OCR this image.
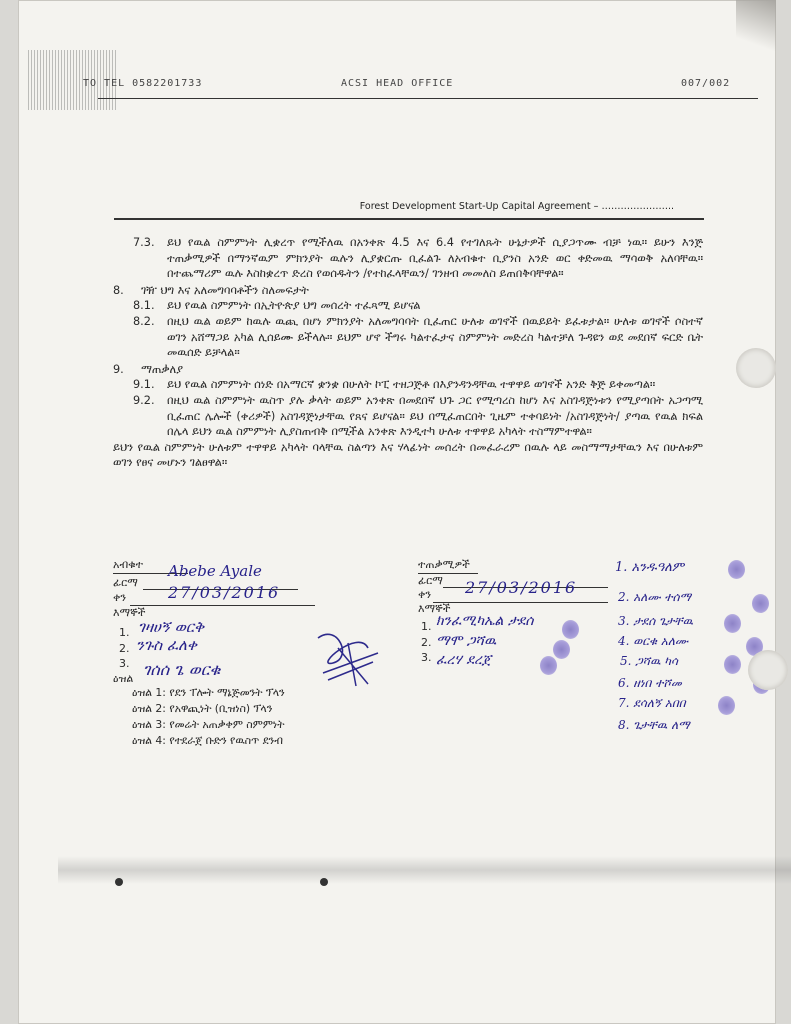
TO TEL 0582201733	ACSI HEAD OFFICE	007/002
Forest Development Start-Up Capital Agreement – …………………..
7.3.	ይህ የዉል ስምምነት ሊቋረጥ የሚችለዉ በአንቀጽ 4.5 እና 6.4 የተገለጹት ሁኔታዎች ሲያጋጥሙ ብቻ ነዉ። ይሁን እንጅ ተጠቃሚዎች በማንኛዉም ምክንያት ዉሉን ሊያቋርጡ ቢፈልጉ ለአብቁተ ቢያንስ አንድ ወር ቀድመዉ ማሳወቅ አለባቸዉ። በተጨማሪም ዉሉ እስከቋረጥ ድረስ የወሰዱትን /የተከፈላቸዉን/ ገንዘብ መመለስ ይጠበቅባቸዋል።
8.	ገዥ ህግ እና አለመግባባቶችን ስለመፍታት
8.1.	ይህ የዉል ስምምነት በኢትዮጵያ ህግ መሰረት ተፈጻሚ ይሆናል
8.2.	በዚህ ዉል ወይም ከዉሉ ዉጪ በሆነ ምክንያት አለመግባባት ቢፈጠር ሁለቱ ወገኖች በዉይይት ይፈቱታል። ሁለቱ ወገኖች ሶስተኛ ወገን አሸማጋይ አካል ሊሰይሙ ይችላሉ። ይህም ሆኖ ችግሩ ካልተፈታና ስምምነት መድረስ ካልተቻለ ጉዳዩን ወደ መደበኛ ፍርድ ቤት መዉሰድ ይቻላል።
9.	ማጠቃለያ
9.1.	ይህ የዉል ስምምነት ሰነድ በአማርኛ ቋንቋ በሁለት ኮፒ ተዘጋጅቶ በእያንዳንዳቸዉ ተዋዋይ ወገኖች አንድ ቅጅ ይቀመጣል።
9.2.	በዚህ ዉል ስምምነት ዉስጥ ያሉ ቃላት ወይም አንቀጽ በመደበኛ ህጉ ጋር የሚጣረስ ከሆነ እና አስገዳጅነቱን የሚያጣበት አጋጣሚ ቢፈጠር ሌሎች (ቀሪዎች) አስገዳጅነታቸዉ የጸና ይሆናል። ይህ በሚፈጠርበት ጊዜም ተቀባይነት /አስገዳጅነት/ ያጣዉ የዉል ክፍል በሌላ ይህን ዉል ስምምነት ሊያስጠብቅ በሚችል አንቀጽ እንዲተካ ሁለቱ ተዋዋይ አካላት ተስማምተዋል።
ይህን የዉል ስምምነት ሁለቱም ተዋዋይ አካላት ባላቸዉ ስልጣን እና ሃላፊነት መሰረት በመፈራረም በዉሉ ላይ መስማማታቸዉን እና በሁለቱም ወገን የፀና መሆኑን ገልፀዋል።
አብቁተ
ፊርማ
Abebe Ayale
ቀን	27/03/2016
እማኞች
1. ገዛሀኝ ወርቅ
2. ንጉስ ፈለቀ
3.
ዕዝል ገሰሰ ጌ ወርቁ
ተጠቃሚዎች
ፊርማ
ቀን 27/03/2016
እማኞች
1. ክንፈሚካኤል ታደሰ
2. ማሞ ጋሻዉ
3. ፈረሃ ደረጀ
1. አንዱዓለም
2. አለሙ ተሰማ
3. ታደሰ ጌታቸዉ
4. ወርቁ አለሙ
5. ጋሻዉ ካሳ
6. ዘነበ ተሾመ
7. ደሳለኝ አበበ
8. ጌታቸዉ ለማ
ዕዝል 1: የደን ፐሎት ማኔጅመንት ፕላን
ዕዝል 2: የአዋጪነት (ቢዝነስ) ፕላን
ዕዝል 3: የመሬት አጠቃቀም ስምምነት
ዕዝል 4: የተደራጀ ቡድን የዉስጥ ደንብ
